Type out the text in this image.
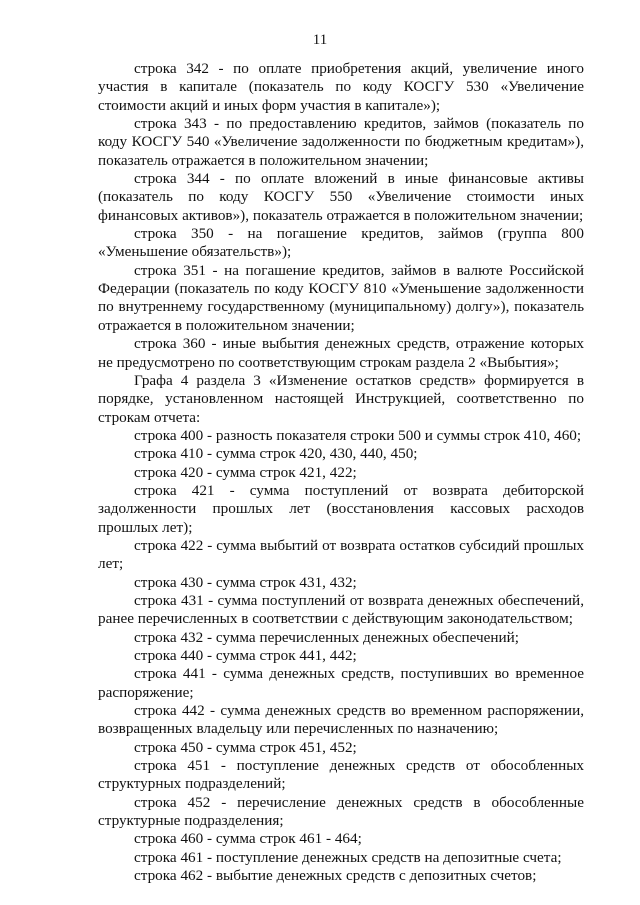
11

строка 342 - по оплате приобретения акций, увеличение иного участия в капитале (показатель по коду КОСГУ 530 «Увеличение стоимости акций и иных форм участия в капитале»);

строка 343 - по предоставлению кредитов, займов (показатель по коду КОСГУ 540 «Увеличение задолженности по бюджетным кредитам»), показатель отражается в положительном значении;

строка 344 - по оплате вложений в иные финансовые активы (показатель по коду КОСГУ 550 «Увеличение стоимости иных финансовых активов»), показатель отражается в положительном значении;

строка 350 - на погашение кредитов, займов (группа 800 «Уменьшение обязательств»);

строка 351 - на погашение кредитов, займов в валюте Российской Федерации (показатель по коду КОСГУ 810 «Уменьшение задолженности по внутреннему государственному (муниципальному) долгу»), показатель отражается в положительном значении;

строка 360 - иные выбытия денежных средств, отражение которых не предусмотрено по соответствующим строкам раздела 2 «Выбытия»;

Графа 4 раздела 3 «Изменение остатков средств» формируется в порядке, установленном настоящей Инструкцией, соответственно по строкам отчета:

строка 400 - разность показателя строки 500 и суммы строк 410, 460;

строка 410 - сумма строк 420, 430, 440, 450;

строка 420 - сумма строк 421, 422;

строка 421 - сумма поступлений от возврата дебиторской задолженности прошлых лет (восстановления кассовых расходов прошлых лет);

строка 422 - сумма выбытий от возврата остатков субсидий прошлых лет;

строка 430 - сумма строк 431, 432;

строка 431 - сумма поступлений от возврата денежных обеспечений, ранее перечисленных в соответствии с действующим законодательством;

строка 432 - сумма перечисленных денежных обеспечений;

строка 440 - сумма строк 441, 442;

строка 441 - сумма денежных средств, поступивших во временное распоряжение;

строка 442 - сумма денежных средств во временном распоряжении, возвращенных владельцу или перечисленных по назначению;

строка 450 - сумма строк 451, 452;

строка 451 - поступление денежных средств от обособленных структурных подразделений;

строка 452 - перечисление денежных средств в обособленные структурные подразделения;

строка 460 - сумма строк 461 - 464;

строка 461 - поступление денежных средств на депозитные счета;

строка 462 - выбытие денежных средств с депозитных счетов;
